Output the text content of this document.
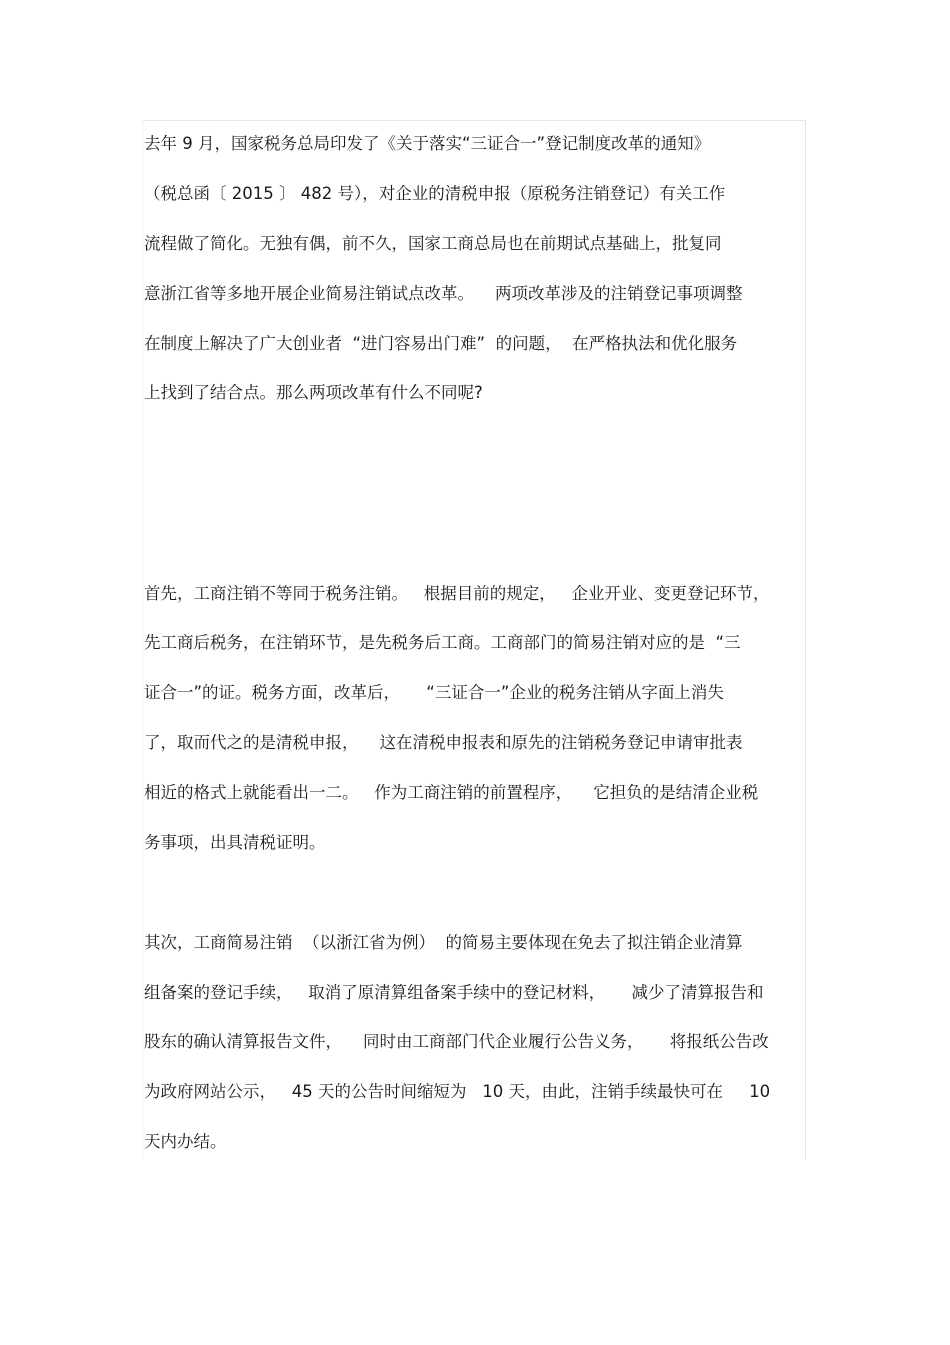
去年 9 月，国家税务总局印发了《关于落实“三证合一”登记制度改革的通知》
（税总函〔 2015 〕 482 号），对企业的清税申报（原税务注销登记）有关工作
流程做了简化。无独有偶，前不久，国家工商总局也在前期试点基础上，批复同
意浙江省等多地开展企业简易注销试点改革。    两项改革涉及的注销登记事项调整
在制度上解决了广大创业者  “进门容易出门难”  的问题，  在严格执法和优化服务
上找到了结合点。那么两项改革有什么不同呢?
首先，工商注销不等同于税务注销。   根据目前的规定，   企业开业、变更登记环节，
先工商后税务，在注销环节，是先税务后工商。工商部门的简易注销对应的是  “三
证合一”的证。税务方面，改革后，     “三证合一”企业的税务注销从字面上消失
了，取而代之的是清税申报，    这在清税申报表和原先的注销税务登记申请审批表
相近的格式上就能看出一二。   作为工商注销的前置程序，    它担负的是结清企业税
务事项，出具清税证明。
其次，工商简易注销  （以浙江省为例）  的简易主要体现在免去了拟注销企业清算
组备案的登记手续，   取消了原清算组备案手续中的登记材料，     减少了清算报告和
股东的确认清算报告文件，    同时由工商部门代企业履行公告义务，     将报纸公告改
为政府网站公示，   45 天的公告时间缩短为   10 天，由此，注销手续最快可在     10
天内办结。
